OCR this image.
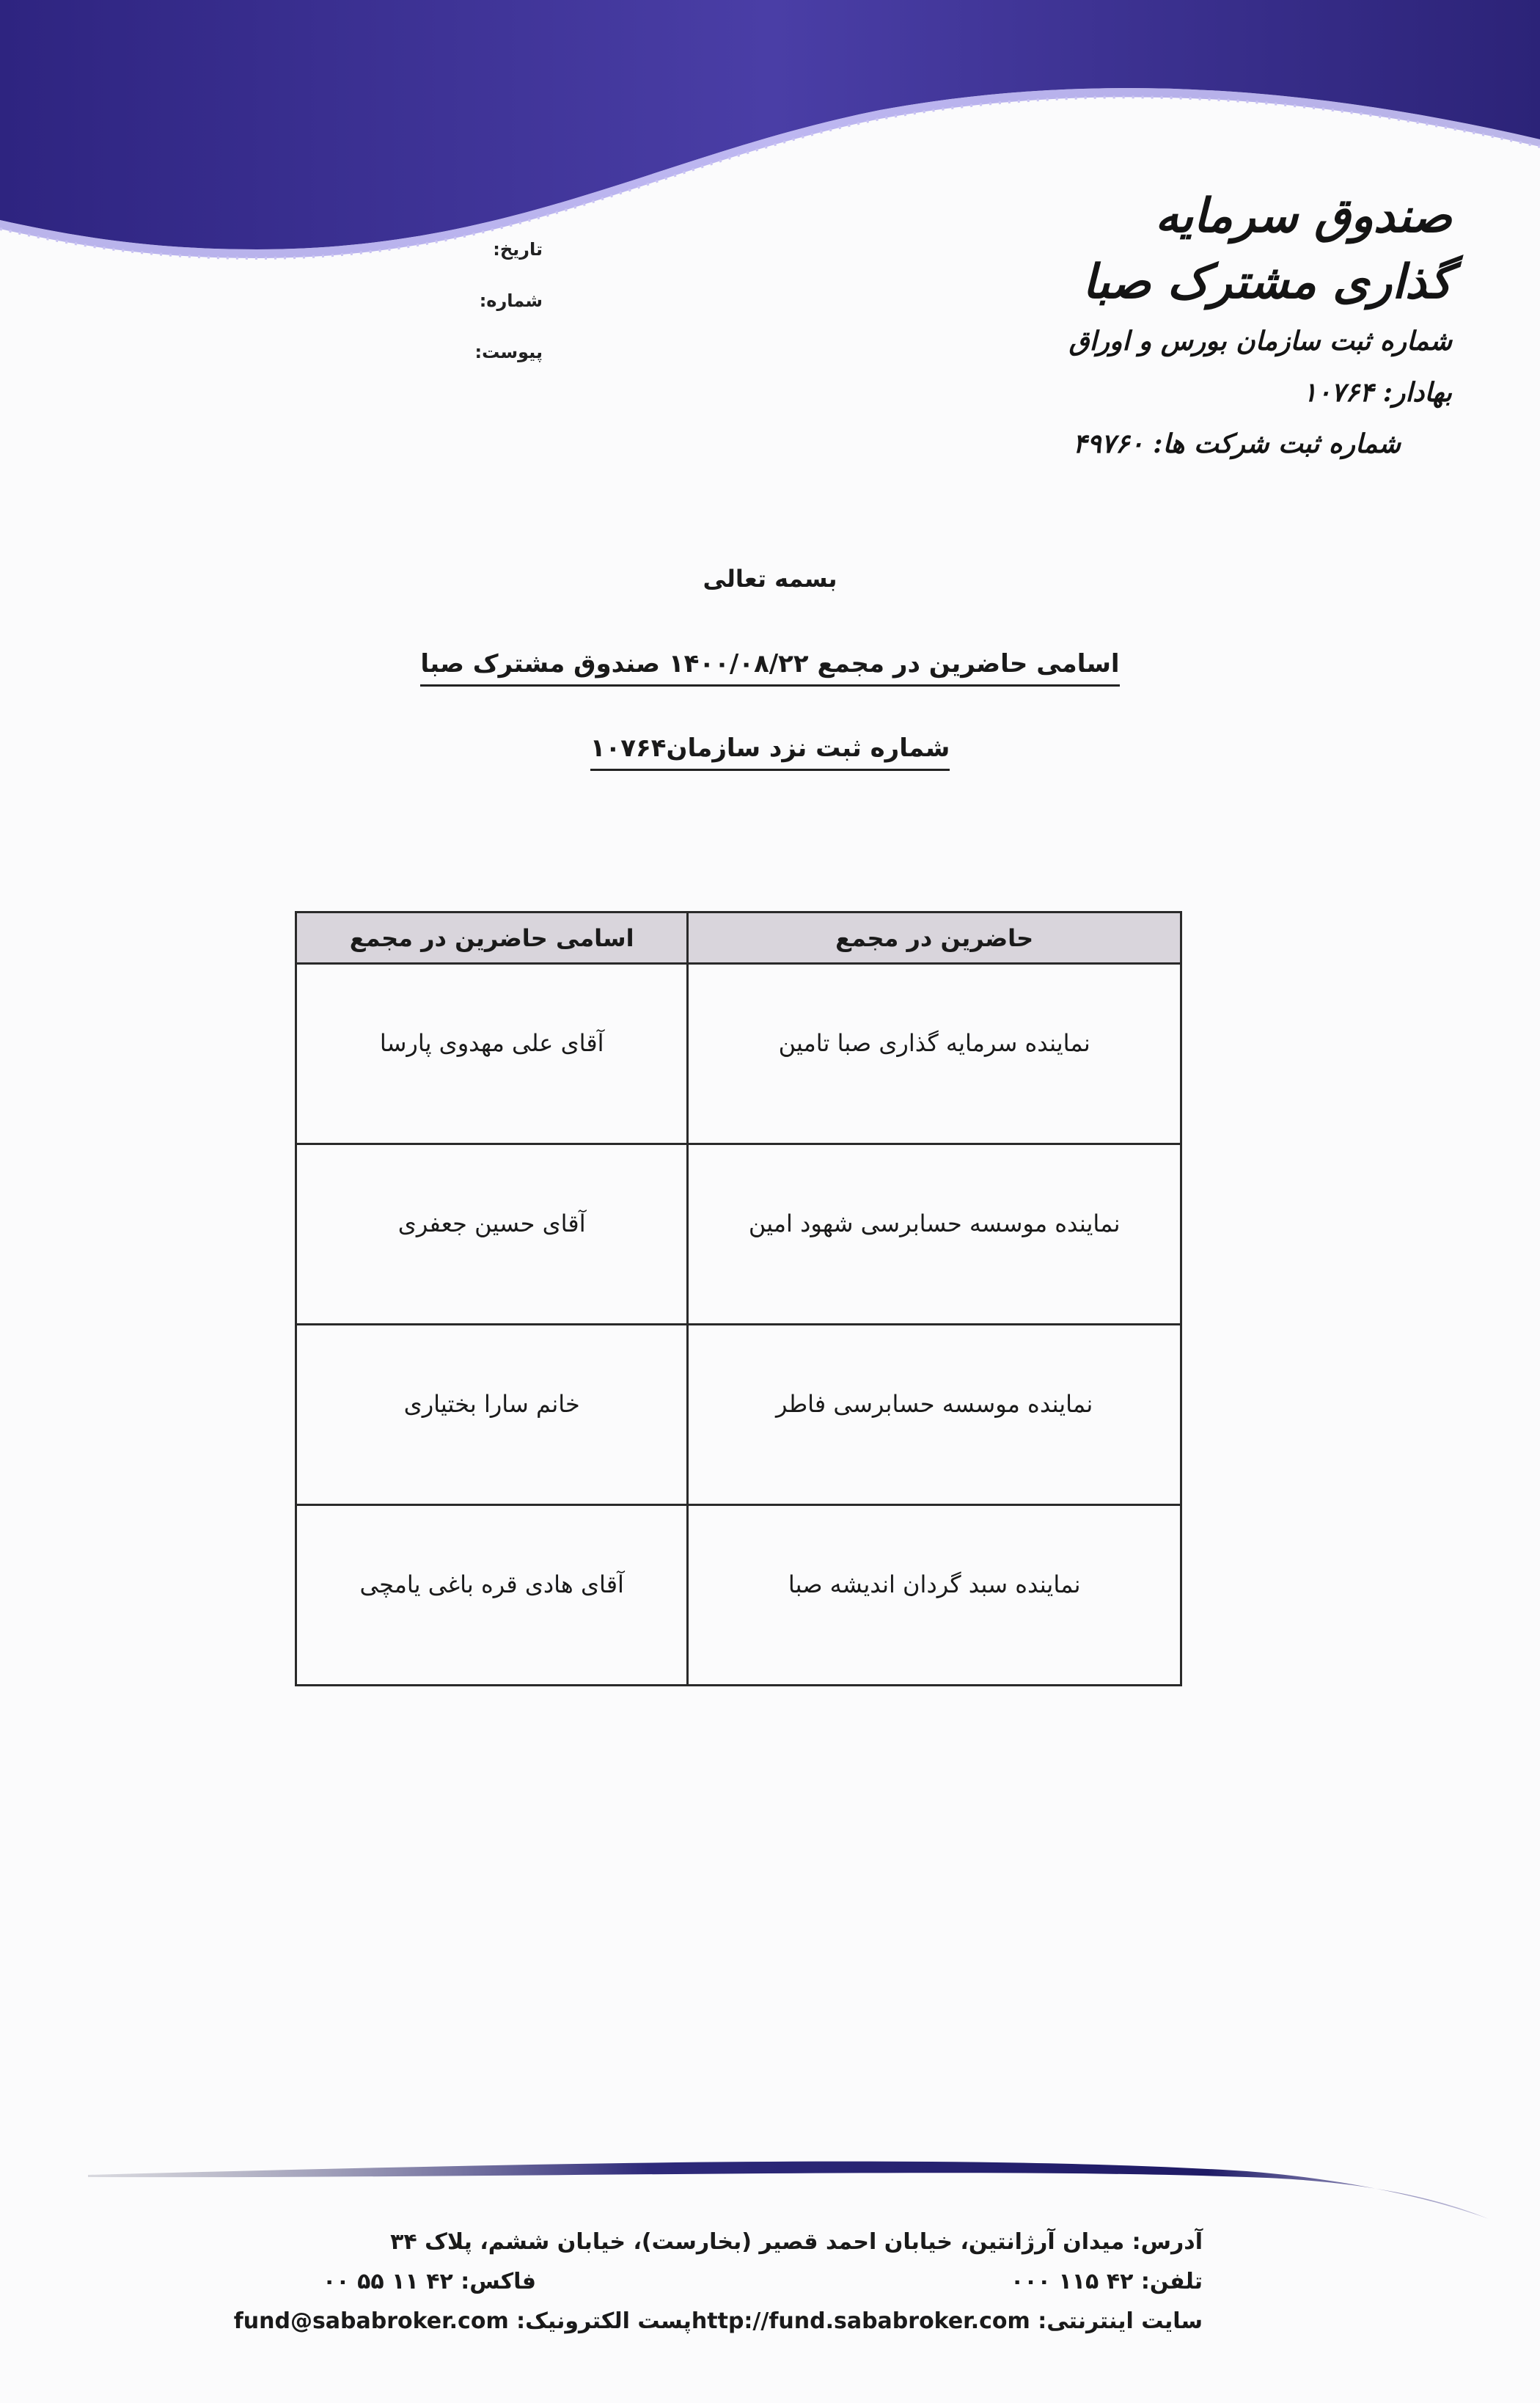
صندوق سرمایه گذاری مشترک صبا

شماره ثبت سازمان بورس و اوراق بهادار: ۱۰۷۶۴

شماره ثبت شرکت ها: ۴۹۷۶۰

تاریخ:
شماره:
پیوست:
بسمه تعالی
اسامی حاضرین در مجمع ۱۴۰۰/۰۸/۲۲ صندوق مشترک صبا
شماره ثبت نزد سازمان۱۰۷۶۴
حاضرین در مجمع	اسامی حاضرین در مجمع
نماینده سرمایه گذاری صبا تامین	آقای علی مهدوی پارسا
نماینده موسسه حسابرسی شهود امین	آقای حسین جعفری
نماینده موسسه حسابرسی فاطر	خانم سارا بختیاری
نماینده سبد گردان اندیشه صبا	آقای هادی قره باغی یامچی
آدرس: میدان آرژانتین، خیابان احمد قصیر (بخارست)، خیابان ششم، پلاک ۳۴
تلفن: ۴۲ ۱۱۵ ۰۰۰
فاکس: ۴۲ ۱۱ ۵۵ ۰۰
سایت اینترنتی: http://fund.sababroker.com
پست الکترونیک: fund@sababroker.com
